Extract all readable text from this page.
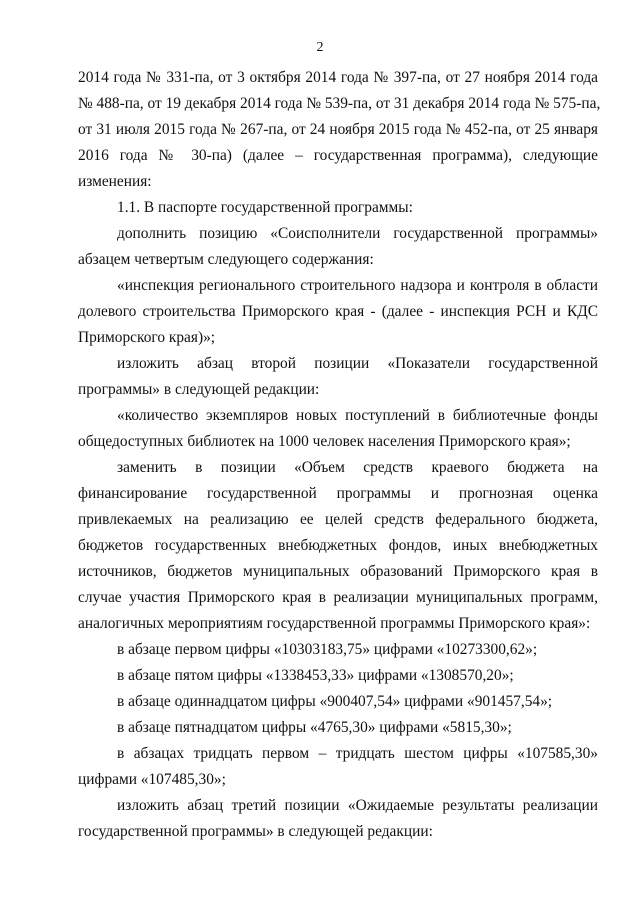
2
2014 года № 331-па, от 3 октября 2014 года № 397-па, от 27 ноября 2014 года
№ 488-па, от 19 декабря 2014 года № 539-па, от 31 декабря 2014 года № 575-па,
от 31 июля 2015 года № 267-па, от 24 ноября 2015 года № 452-па, от 25 января
2016 года № 30-па) (далее – государственная программа), следующие
изменения:
1.1. В паспорте государственной программы:
дополнить позицию «Соисполнители государственной программы»
абзацем четвертым следующего содержания:
«инспекция регионального строительного надзора и контроля в области
долевого строительства Приморского края - (далее - инспекция РСН и КДС
Приморского края)»;
изложить абзац второй позиции «Показатели государственной
программы» в следующей редакции:
«количество экземпляров новых поступлений в библиотечные фонды
общедоступных библиотек на 1000 человек населения Приморского края»;
заменить в позиции «Объем средств краевого бюджета на
финансирование государственной программы и прогнозная оценка
привлекаемых на реализацию ее целей средств федерального бюджета,
бюджетов государственных внебюджетных фондов, иных внебюджетных
источников, бюджетов муниципальных образований Приморского края в
случае участия Приморского края в реализации муниципальных программ,
аналогичных мероприятиям государственной программы Приморского края»:
в абзаце первом цифры «10303183,75» цифрами «10273300,62»;
в абзаце пятом цифры «1338453,33» цифрами «1308570,20»;
в абзаце одиннадцатом цифры «900407,54» цифрами «901457,54»;
в абзаце пятнадцатом цифры «4765,30» цифрами «5815,30»;
в абзацах тридцать первом – тридцать шестом цифры «107585,30»
цифрами «107485,30»;
изложить абзац третий позиции «Ожидаемые результаты реализации
государственной программы» в следующей редакции:
